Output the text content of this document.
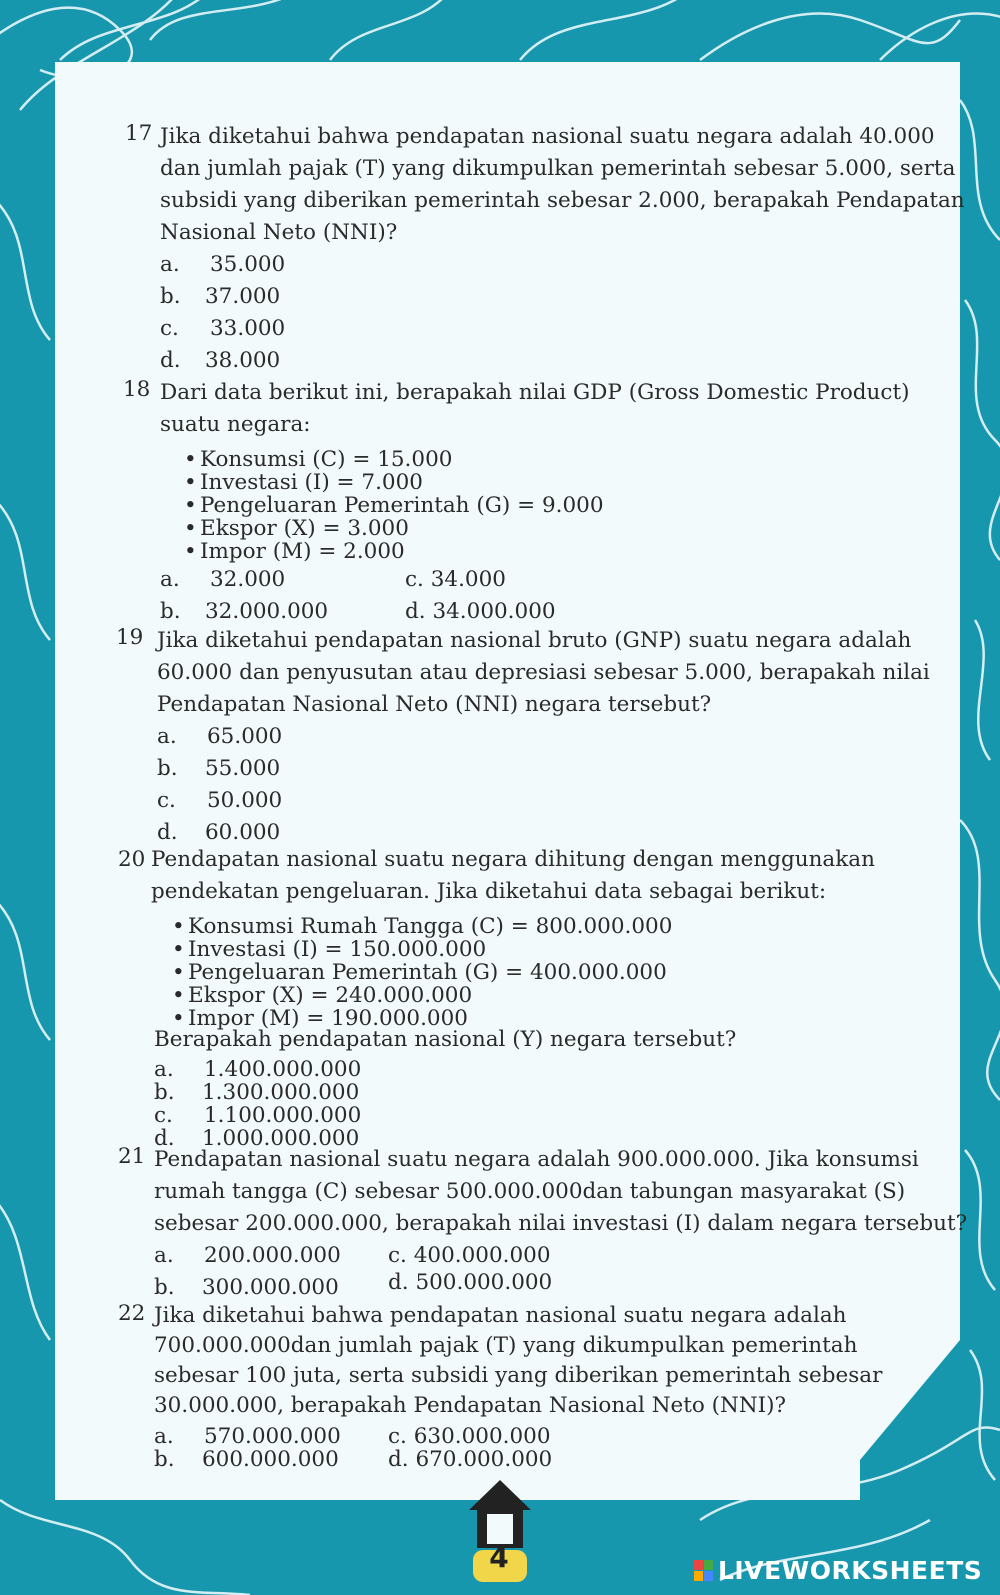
17 Jika diketahui bahwa pendapatan nasional suatu negara adalah 40.000
dan jumlah pajak (T) yang dikumpulkan pemerintah sebesar 5.000, serta
subsidi yang diberikan pemerintah sebesar 2.000, berapakah Pendapatan
Nasional Neto (NNI)?
a. 35.000
b. 37.000
c. 33.000
d. 38.000
18 Dari data berikut ini, berapakah nilai GDP (Gross Domestic Product)
suatu negara:
• Konsumsi (C) = 15.000
• Investasi (I) = 7.000
• Pengeluaran Pemerintah (G) = 9.000
• Ekspor (X) = 3.000
• Impor (M) = 2.000
a. 32.000	c. 34.000
b. 32.000.000	d. 34.000.000
19 Jika diketahui pendapatan nasional bruto (GNP) suatu negara adalah
60.000 dan penyusutan atau depresiasi sebesar 5.000, berapakah nilai
Pendapatan Nasional Neto (NNI) negara tersebut?
a. 65.000
b. 55.000
c. 50.000
d. 60.000
20 Pendapatan nasional suatu negara dihitung dengan menggunakan
pendekatan pengeluaran. Jika diketahui data sebagai berikut:
• Konsumsi Rumah Tangga (C) = 800.000.000
• Investasi (I) = 150.000.000
• Pengeluaran Pemerintah (G) = 400.000.000
• Ekspor (X) = 240.000.000
• Impor (M) = 190.000.000
Berapakah pendapatan nasional (Y) negara tersebut?
a. 1.400.000.000
b. 1.300.000.000
c. 1.100.000.000
d. 1.000.000.000
21 Pendapatan nasional suatu negara adalah 900.000.000. Jika konsumsi
rumah tangga (C) sebesar 500.000.000dan tabungan masyarakat (S)
sebesar 200.000.000, berapakah nilai investasi (I) dalam negara tersebut?
a. 200.000.000 c. 400.000.000
b. 300.000.000 d. 500.000.000
22 Jika diketahui bahwa pendapatan nasional suatu negara adalah
700.000.000dan jumlah pajak (T) yang dikumpulkan pemerintah
sebesar 100 juta, serta subsidi yang diberikan pemerintah sebesar
30.000.000, berapakah Pendapatan Nasional Neto (NNI)?
a. 570.000.000 c. 630.000.000
b. 600.000.000 d. 670.000.000
4	LIVEWORKSHEETS
